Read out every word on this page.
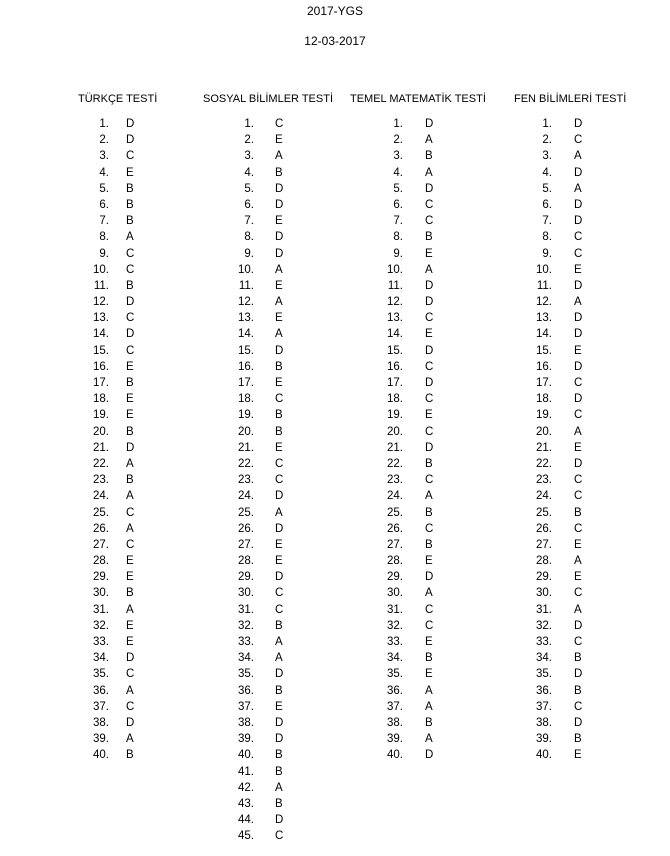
2017-YGS
12-03-2017
TÜRKÇE TESTİ
1. D
2. D
3. C
4. E
5. B
6. B
7. B
8. A
9. C
10. C
11. B
12. D
13. C
14. D
15. C
16. E
17. B
18. E
19. E
20. B
21. D
22. A
23. B
24. A
25. C
26. A
27. C
28. E
29. E
30. B
31. A
32. E
33. E
34. D
35. C
36. A
37. C
38. D
39. A
40. B
SOSYAL BİLİMLER TESTİ
1. C
2. E
3. A
4. B
5. D
6. D
7. E
8. D
9. D
10. A
11. E
12. A
13. E
14. A
15. D
16. B
17. E
18. C
19. B
20. B
21. E
22. C
23. C
24. D
25. A
26. D
27. E
28. E
29. D
30. C
31. C
32. B
33. A
34. A
35. D
36. B
37. E
38. D
39. D
40. B
41. B
42. A
43. B
44. D
45. C
TEMEL MATEMATİK TESTİ
1. D
2. A
3. B
4. A
5. D
6. C
7. C
8. B
9. E
10. A
11. D
12. D
13. C
14. E
15. D
16. C
17. D
18. C
19. E
20. C
21. D
22. B
23. C
24. A
25. B
26. C
27. B
28. E
29. D
30. A
31. C
32. C
33. E
34. B
35. E
36. A
37. A
38. B
39. A
40. D
FEN BİLİMLERİ TESTİ
1. D
2. C
3. A
4. D
5. A
6. D
7. D
8. C
9. C
10. E
11. D
12. A
13. D
14. D
15. E
16. D
17. C
18. D
19. C
20. A
21. E
22. D
23. C
24. C
25. B
26. C
27. E
28. A
29. E
30. C
31. A
32. D
33. C
34. B
35. D
36. B
37. C
38. D
39. B
40. E
